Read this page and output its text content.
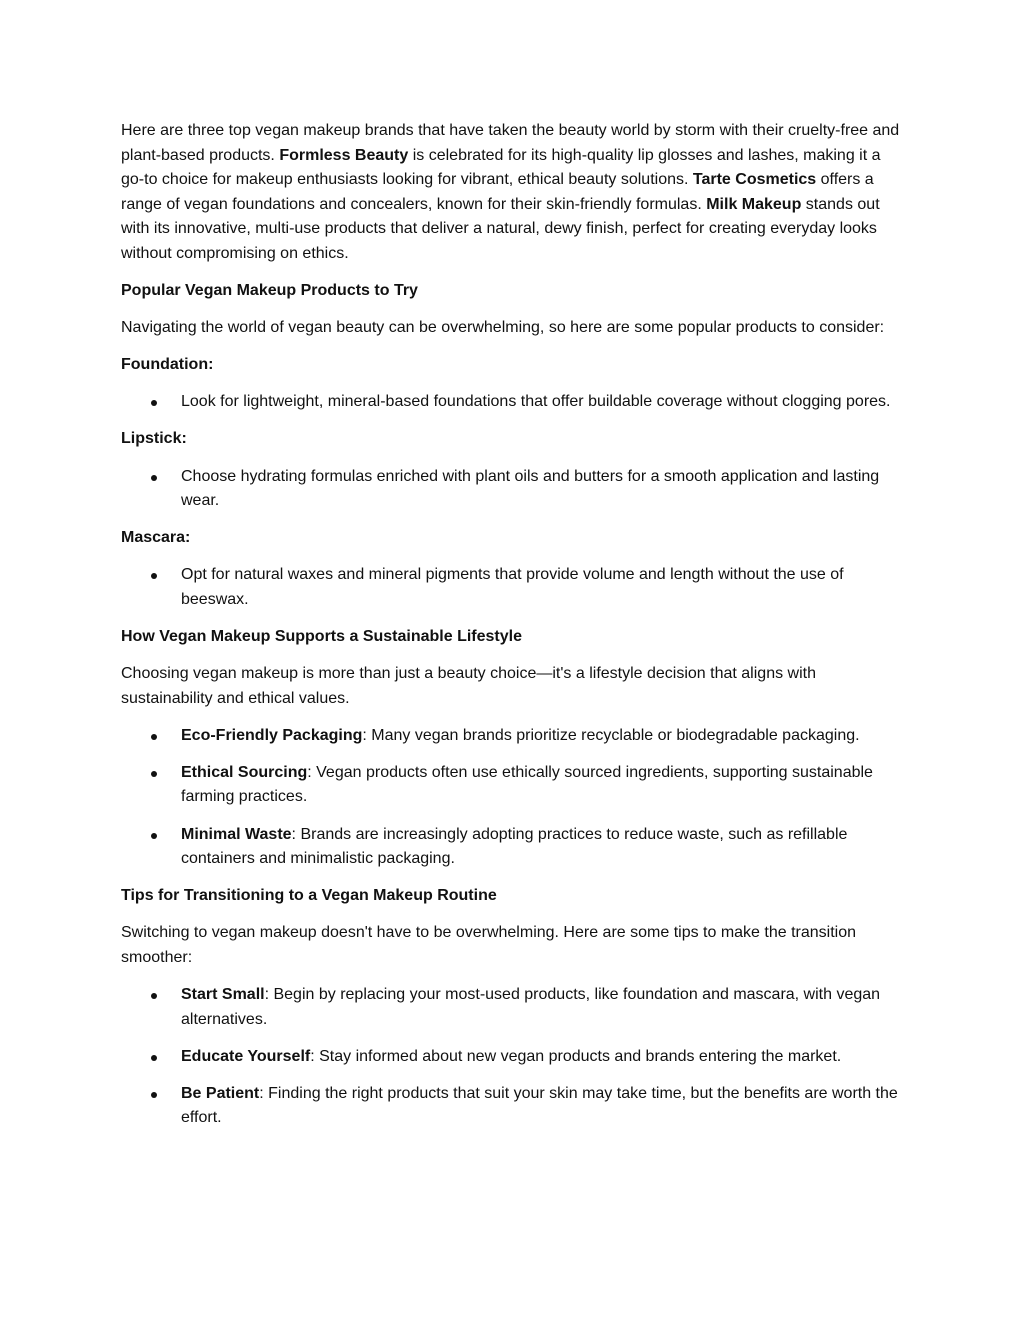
Here are three top vegan makeup brands that have taken the beauty world by storm with their cruelty-free and plant-based products. Formless Beauty is celebrated for its high-quality lip glosses and lashes, making it a go-to choice for makeup enthusiasts looking for vibrant, ethical beauty solutions. Tarte Cosmetics offers a range of vegan foundations and concealers, known for their skin-friendly formulas. Milk Makeup stands out with its innovative, multi-use products that deliver a natural, dewy finish, perfect for creating everyday looks without compromising on ethics.

Popular Vegan Makeup Products to Try

Navigating the world of vegan beauty can be overwhelming, so here are some popular products to consider:

Foundation:

Look for lightweight, mineral-based foundations that offer buildable coverage without clogging pores.

Lipstick:

Choose hydrating formulas enriched with plant oils and butters for a smooth application and lasting wear.

Mascara:

Opt for natural waxes and mineral pigments that provide volume and length without the use of beeswax.

How Vegan Makeup Supports a Sustainable Lifestyle

Choosing vegan makeup is more than just a beauty choice—it's a lifestyle decision that aligns with sustainability and ethical values.

Eco-Friendly Packaging: Many vegan brands prioritize recyclable or biodegradable packaging.
Ethical Sourcing: Vegan products often use ethically sourced ingredients, supporting sustainable farming practices.
Minimal Waste: Brands are increasingly adopting practices to reduce waste, such as refillable containers and minimalistic packaging.

Tips for Transitioning to a Vegan Makeup Routine

Switching to vegan makeup doesn't have to be overwhelming. Here are some tips to make the transition smoother:

Start Small: Begin by replacing your most-used products, like foundation and mascara, with vegan alternatives.
Educate Yourself: Stay informed about new vegan products and brands entering the market.
Be Patient: Finding the right products that suit your skin may take time, but the benefits are worth the effort.
